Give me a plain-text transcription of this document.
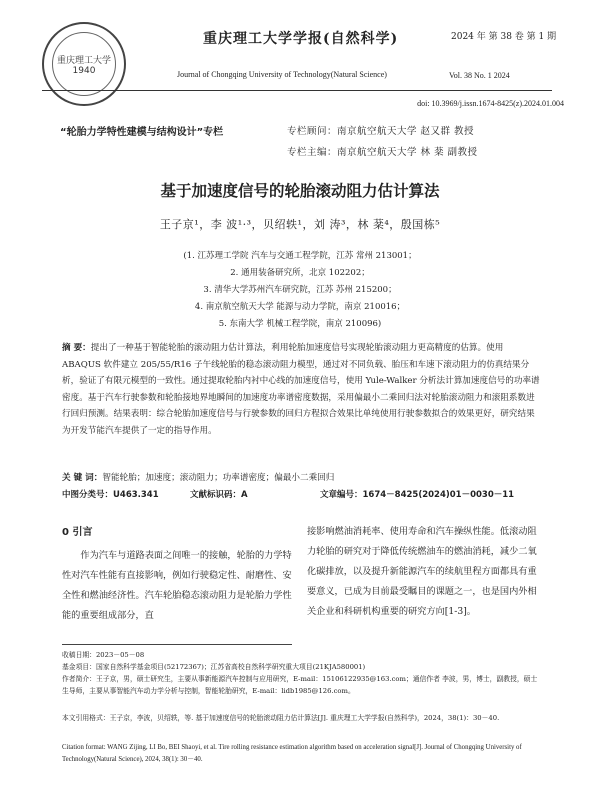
重庆理工大学 1940
重庆理工大学学报(自然科学)
Journal of Chongqing University of Technology(Natural Science)
2024 年 第 38 卷 第 1 期
Vol. 38 No. 1 2024
doi: 10.3969/j.issn.1674-8425(z).2024.01.004
“轮胎力学特性建模与结构设计”专栏	专栏顾问：南京航空航天大学 赵又群 教授
专栏主编：南京航空航天大学 林 棻 副教授
基于加速度信号的轮胎滚动阻力估计算法
王子京¹，李 波¹·³，贝绍轶¹，刘 涛³，林 棻⁴，殷国栋⁵
(1. 江苏理工学院 汽车与交通工程学院，江苏 常州 213001；
2. 通用装备研究所，北京 102202；
3. 清华大学苏州汽车研究院，江苏 苏州 215200；
4. 南京航空航天大学 能源与动力学院，南京 210016；
5. 东南大学 机械工程学院，南京 210096)
摘 要：提出了一种基于智能轮胎的滚动阻力估计算法，利用轮胎加速度信号实现轮胎滚动阻力更高精度的估算。使用 ABAQUS 软件建立 205/55/R16 子午线轮胎的稳态滚动阻力模型，通过对不同负载、胎压和车速下滚动阻力的仿真结果分析，验证了有限元模型的一致性。通过提取轮胎内衬中心线的加速度信号，使用 Yule-Walker 分析法计算加速度信号的功率谱密度。基于汽车行驶参数和轮胎接地界地瞬间的加速度功率谱密度数据，采用偏最小二乘回归法对轮胎滚动阻力和滚阻系数进行回归预测。结果表明：综合轮胎加速度信号与行驶参数的回归方程拟合效果比单纯使用行驶参数拟合的效果更好，研究结果为开发节能汽车提供了一定的指导作用。
关 键 词：智能轮胎；加速度；滚动阻力；功率谱密度；偏最小二乘回归
中图分类号：U463.341	文献标识码：A	文章编号：1674－8425(2024)01－0030－11
0 引言
作为汽车与道路表面之间唯一的接触，轮胎的力学特性对汽车性能有直接影响，例如行驶稳定性、耐磨性、安全性和燃油经济性。汽车轮胎稳态滚动阻力是轮胎力学性能的重要组成部分，直
接影响燃油消耗率、使用寿命和汽车操纵性能。低滚动阻力轮胎的研究对于降低传统燃油车的燃油消耗，减少二氧化碳排放，以及提升新能源汽车的续航里程方面都具有重要意义，已成为目前最受瞩目的课题之一，也是国内外相关企业和科研机构重要的研究方向[1-3]。
收稿日期：2023－05－08
基金项目：国家自然科学基金项目(52172367)；江苏省高校自然科学研究重大项目(21KJA580001)
作者简介：王子京，男，硕士研究生，主要从事新能源汽车控制与应用研究，E-mail：15106122935@163.com；通信作者 李波，男，博士，副教授，硕士生导师，主要从事智能汽车动力学分析与控制，智能轮胎研究，E-mail：lidb1985@126.com。
本文引用格式：王子京，李波，贝绍轶，等. 基于加速度信号的轮胎滚动阻力估计算法[J]. 重庆理工大学学报(自然科学)，2024，38(1)：30－40.
Citation format: WANG Zijing, LI Bo, BEI Shaoyi, et al. Tire rolling resistance estimation algorithm based on acceleration signal[J]. Journal of Chongqing University of Technology(Natural Science), 2024, 38(1): 30－40.
